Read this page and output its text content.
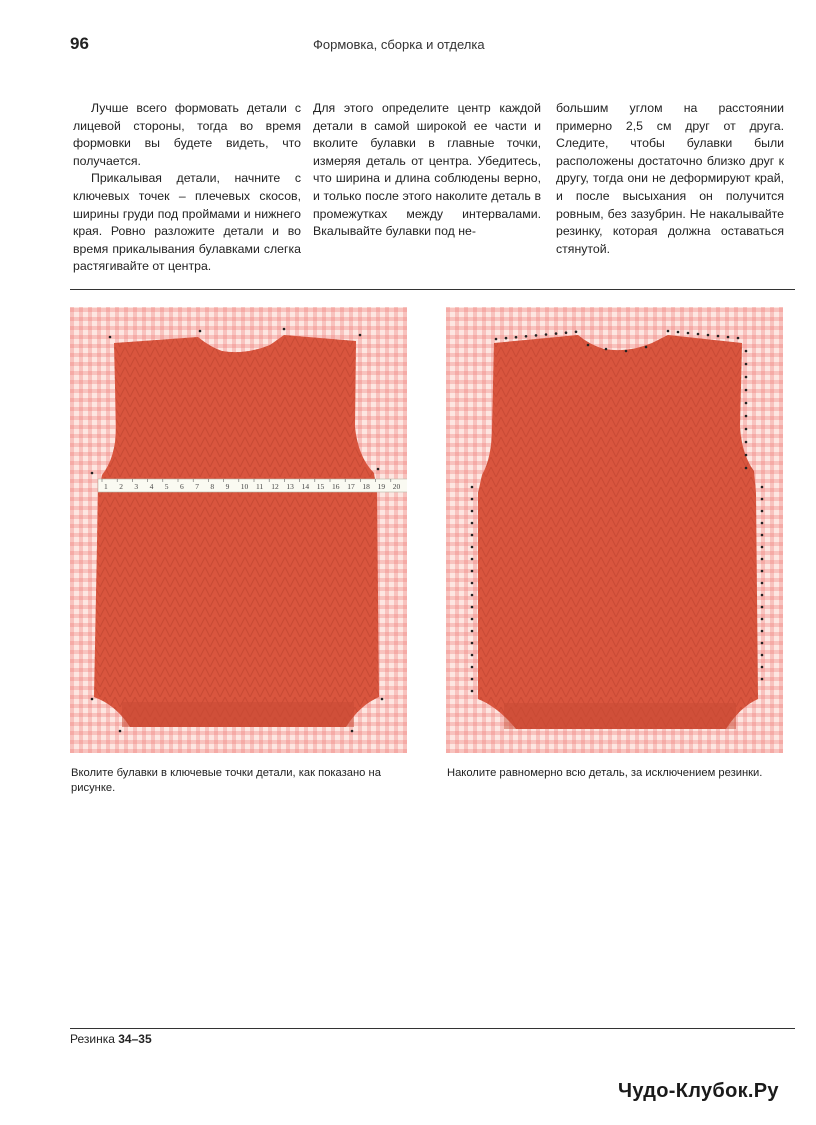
96	Формовка, сборка и отделка

Лучше всего формовать детали с лицевой стороны, тогда во время формовки вы будете видеть, что получается.

Прикалывая детали, начните с ключевых точек – плечевых скосов, ширины груди под проймами и нижнего края. Ровно разложите детали и во время прикалывания булавками слегка растягивайте от центра.

Для этого определите центр каждой детали в самой широкой ее части и вколите булавки в главные точки, измеряя деталь от центра. Убедитесь, что ширина и длина соблюдены верно, и только после этого наколите деталь в промежутках между интервалами. Вкалывайте булавки под не-

большим углом на расстоянии примерно 2,5 см друг от друга. Следите, чтобы булавки были расположены достаточно близко друг к другу, тогда они не деформируют край, и после высыхания он получится ровным, без зазубрин. Не накалывайте резинку, которая должна оставаться стянутой.

1 2 3 4 5 6 7 8 9 10 11 12 13 14 15 16 17 18 19 20
Вколите булавки в ключевые точки детали, как показано на рисунке.
Наколите равномерно всю деталь, за исключением резинки.
Резинка 34–35
Чудо-Клубок.Ру
